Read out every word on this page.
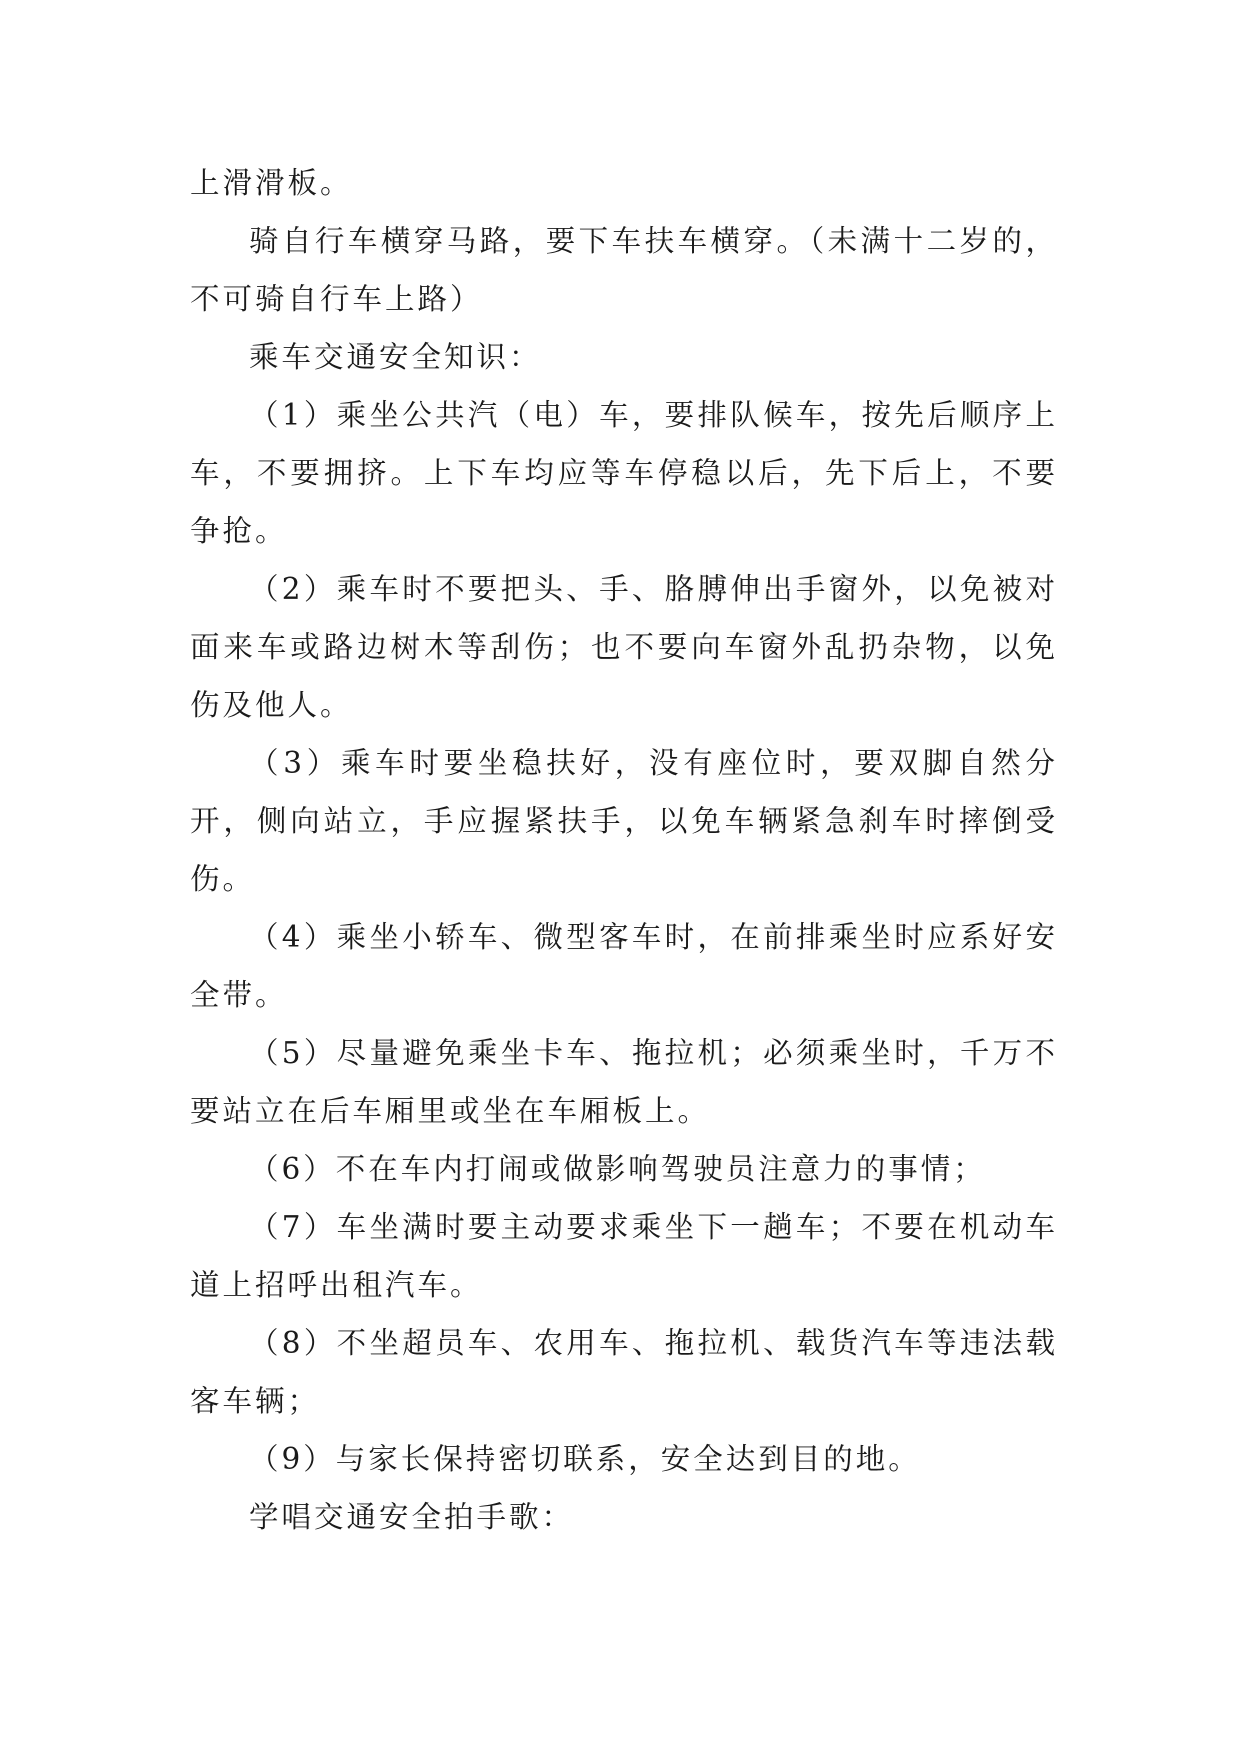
上滑滑板。

骑自行车横穿马路，要下车扶车横穿。（未满十二岁的，不可骑自行车上路）

乘车交通安全知识：

（1）乘坐公共汽（电）车，要排队候车，按先后顺序上车，不要拥挤。上下车均应等车停稳以后，先下后上，不要争抢。

（2）乘车时不要把头、手、胳膊伸出手窗外，以免被对面来车或路边树木等刮伤；也不要向车窗外乱扔杂物，以免伤及他人。

（3）乘车时要坐稳扶好，没有座位时，要双脚自然分开，侧向站立，手应握紧扶手，以免车辆紧急刹车时摔倒受伤。

（4）乘坐小轿车、微型客车时，在前排乘坐时应系好安全带。

（5）尽量避免乘坐卡车、拖拉机；必须乘坐时，千万不要站立在后车厢里或坐在车厢板上。

（6）不在车内打闹或做影响驾驶员注意力的事情；

（7）车坐满时要主动要求乘坐下一趟车；不要在机动车道上招呼出租汽车。

（8）不坐超员车、农用车、拖拉机、载货汽车等违法载客车辆；

（9）与家长保持密切联系，安全达到目的地。

学唱交通安全拍手歌：
